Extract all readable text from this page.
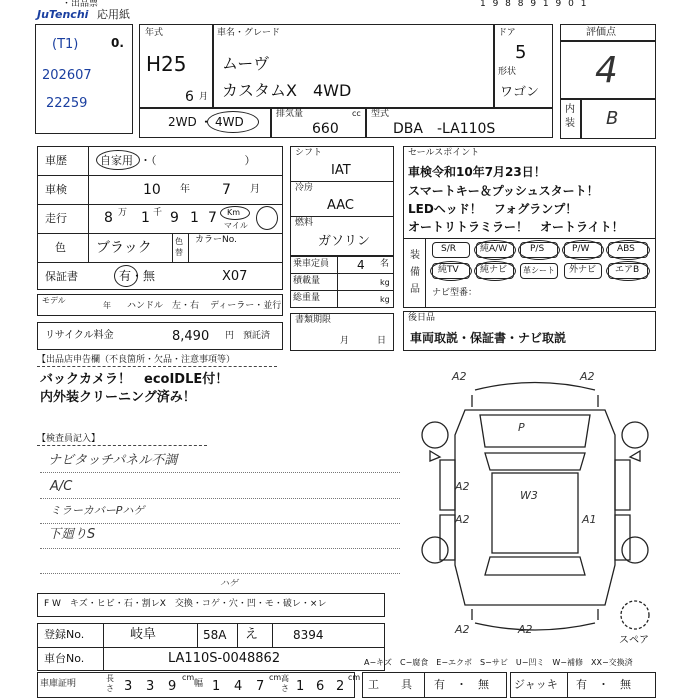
・出品票
JuTenchi 応用紙
1 9 8 8 9 1 9 0 1
(T1)
202607
22259
0.
年式
H25
6 月
車名・グレード
ムーヴ
カスタムX　4WD
ドア
5
形状
ワゴン
2WD ・ 4WD
排気量	cc
660
型式
DBA　-LA110S
評価点
4
内装 B
車歴	自家用 ・（　　　　　　　　）
車検	10 年 7 月
走行	8 万 1 千 9 1 7 Km
マイル
色 ブラック	色替
カラーNo.
保証書	有・無	X07
モデル
年 ハンドル　左・右 ディーラー・並行
リサイクル料金	8,490 円　預託済
シフト
IAT
冷房
AAC
燃料
ガソリン
乗車定員 4 名
積載量	kg
総重量	kg
書類期限
月	日
セールスポイント
車検令和10年7月23日！
スマートキー＆プッシュスタート！
LEDヘッド！　フォグランプ！
オートリトラミラー！　オートライト！
装備品
S/R	純A/W	P/S	P/W	ABS
純TV 純ナビ 革シート 外ナビ エアB
ナビ型番：
後日品
車両取説・保証書・ナビ取説
【出品店申告欄（不良箇所・欠品・注意事項等）
バックカメラ！　ecoIDLE付！
内外装クリーニング済み！
【検査員記入】
ナビタッチパネル不調
A/C
ミラーカバーPハゲ
下廻りS
F W　キズ・ヒビ・石・割レX　交換・コゲ・穴・凹・モ・破レ・×レ
ハゲ
A2	A2
P
A2
W3
A2	A1
A2	A2
スペア
登録No.	岐阜	58A え	8394
車台No.	LA110S-0048862	A−キズ　C−腐食　E−エクボ　S−サビ　U−凹ミ　W−補修　XX−交換済
車庫証明
長さ 3 3 9
cm
幅 1 4 7
cm 高さ 1 6 2
cm
工　　具 有　・　無 ジャッキ 有　・　無
